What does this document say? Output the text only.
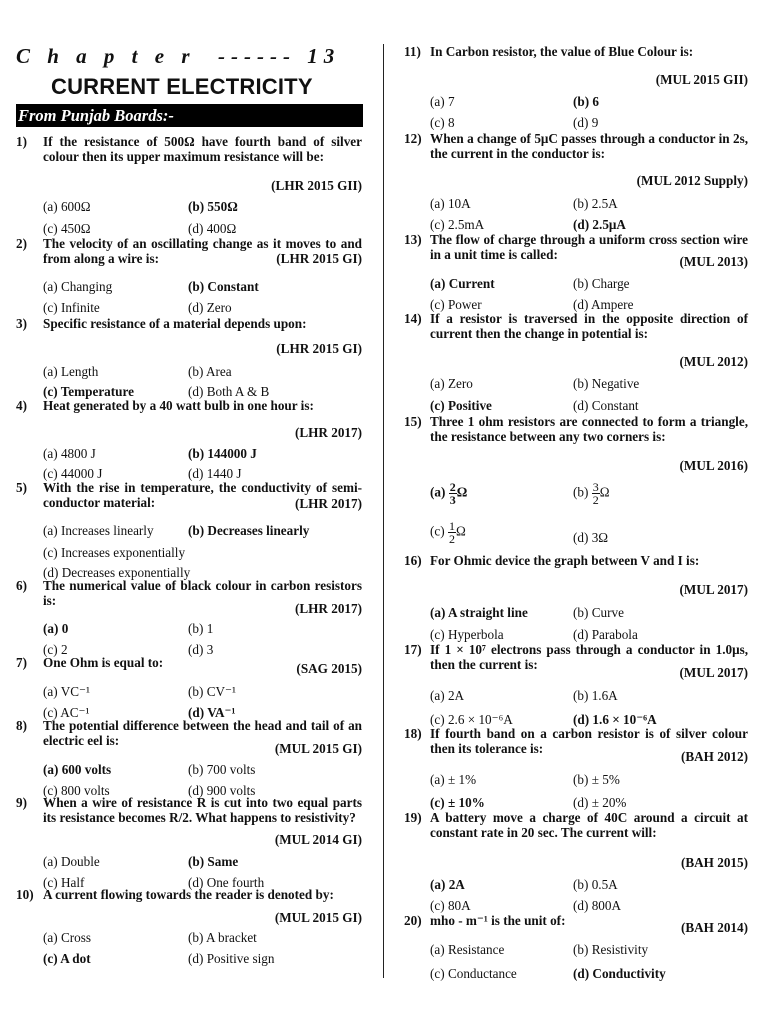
C h a p t e r  ------ 13
CURRENT ELECTRICITY
From Punjab Boards:-
1) If the resistance of 500Ω have fourth band of silver colour then its upper maximum resistance will be:
(LHR 2015 GII)
(a) 600Ω	(b) 550Ω
(c) 450Ω	(d) 400Ω
2) The velocity of an oscillating change as it moves to and from along a wire is:	(LHR 2015 GI)
(a) Changing	(b) Constant
(c) Infinite	(d) Zero
3) Specific resistance of a material depends upon:
(LHR 2015 GI)
(a) Length	(b) Area
(c) Temperature	(d) Both A & B
4) Heat generated by a 40 watt bulb in one hour is:
(LHR 2017)
(a) 4800 J	(b) 144000 J
(c) 44000 J	(d) 1440 J
5) With the rise in temperature, the conductivity of semi-conductor material:	(LHR 2017)
(a) Increases linearly	(b) Decreases linearly
(c) Increases exponentially
(d) Decreases exponentially
6) The numerical value of black colour in carbon resistors is:
(LHR 2017)
(a) 0	(b) 1
(c) 2	(d) 3
7) One Ohm is equal to:	(SAG 2015)
(a) VC⁻¹	(b) CV⁻¹
(c) AC⁻¹	(d) VA⁻¹
8) The potential difference between the head and tail of an electric eel is:
(MUL 2015 GI)
(a) 600 volts	(b) 700 volts
(c) 800 volts	(d) 900 volts
9) When a wire of resistance R is cut into two equal parts its resistance becomes R/2. What happens to resistivity?
(MUL 2014 GI)
(a) Double	(b) Same
(c) Half	(d) One fourth
10) A current flowing towards the reader is denoted by:
(MUL 2015 GI)
(a) Cross	(b) A bracket
(c) A dot	(d) Positive sign
11) In Carbon resistor, the value of Blue Colour is:
(MUL 2015 GII)
(a) 7	(b) 6
(c) 8	(d) 9
12) When a change of 5μC passes through a conductor in 2s, the current in the conductor is:
(MUL 2012 Supply)
(a) 10A	(b) 2.5A
(c) 2.5mA	(d) 2.5μA
13) The flow of charge through a uniform cross section wire in a unit time is called:	(MUL 2013)
(a) Current	(b) Charge
(c) Power	(d) Ampere
14) If a resistor is traversed in the opposite direction of current then the change in potential is:
(MUL 2012)
(a) Zero	(b) Negative
(c) Positive	(d) Constant
15) Three 1 ohm resistors are connected to form a triangle, the resistance between any two corners is:
(MUL 2016)
$(a) \frac{2}{3}$ Ω	$(b) \frac{3}{2}$ Ω
$(c) \frac{1}{2}$ Ω	(d) 3Ω
16) For Ohmic device the graph between V and I is:
(MUL 2017)
(a) A straight line	(b) Curve
(c) Hyperbola	(d) Parabola
17) If 1 × 10⁷ electrons pass through a conductor in 1.0μs, then the current is:
(MUL 2017)
(a) 2A	(b) 1.6A
(c) 2.6 × 10⁻⁶A	(d) 1.6 × 10⁻⁶A
18) If fourth band on a carbon resistor is of silver colour then its tolerance is:
(BAH 2012)
(a) ± 1%	(b) ± 5%
(c) ± 10%	(d) ± 20%
19) A battery move a charge of 40C around a circuit at constant rate in 20 sec. The current will:
(BAH 2015)
(a) 2A	(b) 0.5A
(c) 80A	(d) 800A
20) mho - m⁻¹ is the unit of:	(BAH 2014)
(a) Resistance	(b) Resistivity
(c) Conductance	(d) Conductivity
